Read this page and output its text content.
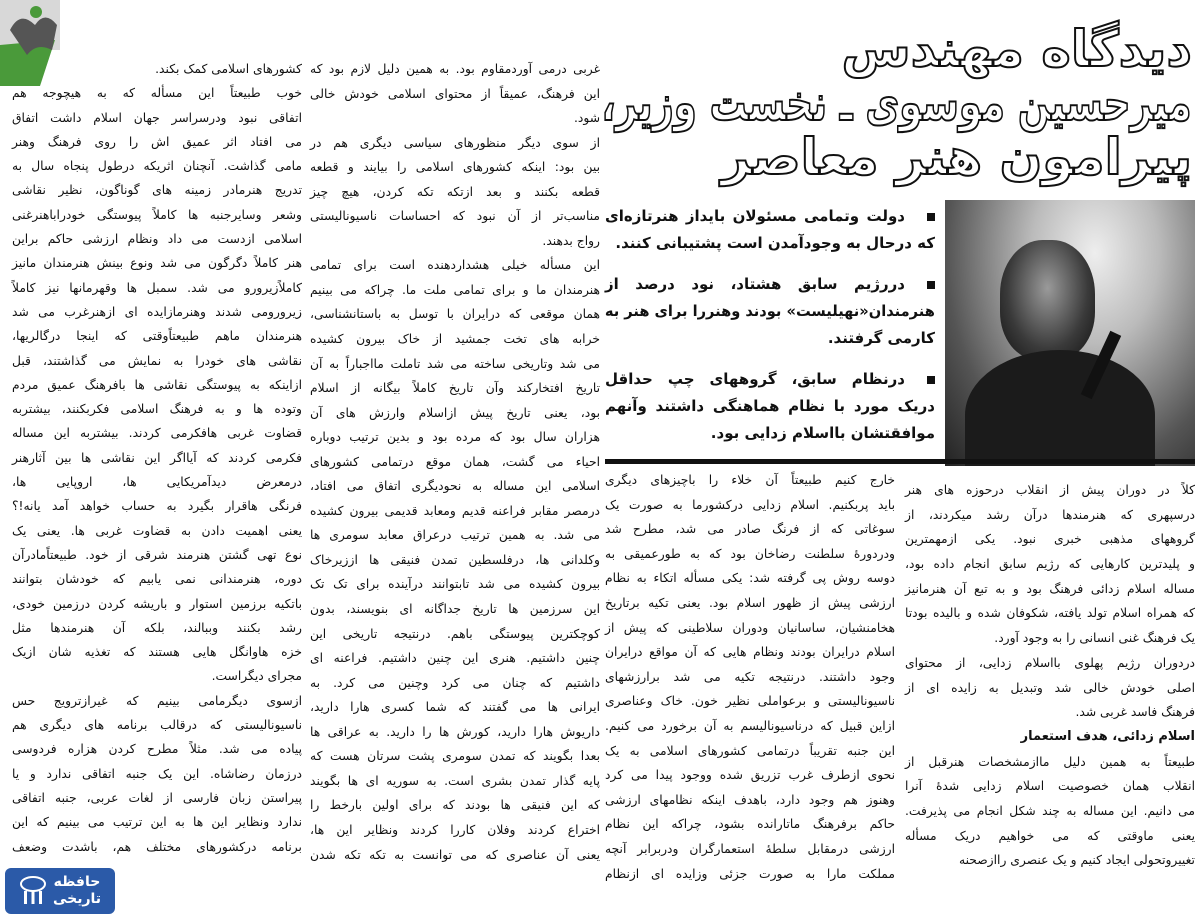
دیدگاه مهندس
میرحسین موسوی ـ نخست وزیر،
پیرامون هنر معاصر
دولت وتمامی مسئولان بایداز هنرتازه‌ای
که درحال به وجودآمدن است پشتیبانی کنند.
دررژیم سابق هشتاد، نود درصد از
هنرمندان«نهیلیست» بودند وهنررا برای هنر به
کارمی گرفتند.
درنظام سابق، گروههای چپ حداقل
دریک مورد با نظام هماهنگی داشتند وآنهم
موافقتشان بااسلام زدایی بود.
کلاً در دوران پیش از انقلاب درحوزه های هنر
درسپهری که هنرمندها درآن رشد میکردند، از
گروههای مذهبی خبری نبود. یکی ازمهمترین
و پلیدترین کارهایی که رژیم سابق انجام داده بود،
مساله اسلام زدائی فرهنگ بود و به تبع آن هنرمانیز
که همراه اسلام تولد یافته، شکوفان شده و بالیده بودتا
یک فرهنگ غنی انسانی را به وجود آورد.
دردوران رژیم پهلوی بااسلام زدایی، از محتوای
اصلی خودش خالی شد وتبدیل به زایده ای از
فرهنگ فاسد غربی شد.
اسلام زدائی، هدف استعمار
طبیعتاً به همین دلیل ماازمشخصات هنرقبل از
انقلاب همان خصوصیت اسلام زدایی شدهٔ آنرا
می دانیم. این مساله به چند شکل انجام می پذیرفت.
یعنی ماوقتی که می خواهیم دریک مسأله
تغییروتحولی ایجاد کنیم و یک عنصری راازصحنه
خارج کنیم طبیعتاً آن خلاء را باچیزهای دیگری
باید پربکنیم. اسلام زدایی درکشورما به صورت یک
سوغاتی که از فرنگ صادر می شد، مطرح شد
ودردورهٔ سلطنت رضاخان بود که به طورعمیقی به
دوسه روش پی گرفته شد: یکی مسأله اتکاء به نظام
ارزشی پیش از ظهور اسلام بود. یعنی تکیه برتاریخ
هخامنشیان، ساسانیان ودوران سلاطینی که پیش از
اسلام درایران بودند ونظام هایی که آن مواقع درایران
وجود داشتند. درنتیجه تکیه می شد برارزشهای
ناسیونالیستی و برعواملی نظیر خون. خاک وعناصری
ازاین قبیل که درناسیونالیسم به آن برخورد می کنیم.
این جنبه تقریباً درتمامی کشورهای اسلامی به یک
نحوی ازطرف غرب تزریق شده ووجود پیدا می کرد
وهنوز هم وجود دارد، باهدف اینکه نظامهای ارزشی
حاکم برفرهنگ ماتارانده بشود، چراکه این نظام
ارزشی درمقابل سلطهٔ استعمارگران ودربرابر آنچه
مملکت مارا به صورت جزئی وزایده ای ازنظام
غربی درمی آوردمقاوم بود. به همین دلیل لازم بود که
این فرهنگ، عمیقاً از محتوای اسلامی خودش خالی
شود.
از سوی دیگر منظورهای سیاسی دیگری هم در
بین بود: اینکه کشورهای اسلامی را بیایند و قطعه
قطعه بکنند و بعد ازتکه تکه کردن، هیچ چیز
مناسب‌تر از آن نبود که احساسات ناسیونالیستی
رواج بدهند.
این مسأله خیلی هشداردهنده است برای تمامی
هنرمندان ما و برای تمامی ملت ما. چراکه می بینیم
همان موقعی که درایران با توسل به باستانشناسی،
خرابه های تخت جمشید از خاک بیرون کشیده
می شد وتاریخی ساخته می شد تاملت مااجباراً به آن
تاریخ افتخارکند وآن تاریخ کاملاً بیگانه از اسلام
بود، یعنی تاریخ پیش ازاسلام وارزش های آن
هزاران سال بود که مرده بود و بدین ترتیب دوباره
احیاء می گشت، همان موقع درتمامی کشورهای
اسلامی این مساله به نحودیگری اتفاق می افتاد،
درمصر مقابر فراعنه قدیم ومعابد قدیمی بیرون کشیده
می شد. به همین ترتیب درعراق معابد سومری ها
وکلدانی ها، درفلسطین تمدن فنیقی ها اززیرخاک
بیرون کشیده می شد تابتوانند درآینده برای تک تک
این سرزمین ها تاریخ جداگانه ای بنویسند، بدون
کوچکترین پیوستگی باهم. درنتیجه تاریخی این
چنین داشتیم. هنری این چنین داشتیم. فراعنه ای
داشتیم که چنان می کرد وچنین می کرد. به
ایرانی ها می گفتند که شما کسری هارا دارید،
داریوش هارا دارید، کورش ها را دارید. به عراقی ها
بعدا بگویند که تمدن سومری پشت سرتان هست که
پایه گذار تمدن بشری است. به سوریه ای ها بگویند
که این فنیقی ها بودند که برای اولین بارخط را
اختراع کردند وفلان کاررا کردند ونظایر این ها،
یعنی آن عناصری که می توانست به تکه تکه شدن
کشورهای اسلامی کمک بکند.
خوب طبیعتاً این مسأله که به هیچوجه هم
اتفاقی نبود ودرسراسر جهان اسلام داشت اتفاق
می افتاد اثر عمیق اش را روی فرهنگ وهنر
مامی گذاشت. آنچنان اثریکه درطول پنجاه سال به
تدریج هنرمادر زمینه های گوناگون، نظیر نقاشی
وشعر وسایرجنبه ها کاملاً پیوستگی خودراباهنرغنی
اسلامی ازدست می داد ونظام ارزشی حاکم براین
هنر کاملاً دگرگون می شد ونوع بینش هنرمندان مانیز
کاملاًزیرورو می شد. سمبل ها وقهرمانها نیز کاملاً
زیرورومی شدند وهنرمازایده ای ازهنرغرب می شد
هنرمندان ماهم طبیعتاًوقتی که اینجا درگالریها،
نقاشی های خودرا به نمایش می گذاشتند، قبل
ازاینکه به پیوستگی نقاشی ها بافرهنگ عمیق مردم
وتوده ها و به فرهنگ اسلامی فکربکنند، بیشتربه
قضاوت غربی هافکرمی کردند. بیشتربه این مساله
فکرمی کردند که آیااگر این نقاشی ها بین آثارهنر
درمعرض دیدآمریکایی ها، اروپایی ها،
فرنگی هاقرار بگیرد به حساب خواهد آمد یانه!؟
یعنی اهمیت دادن به قضاوت غربی ها. یعنی یک
نوع تهی گشتن هنرمند شرقی از خود. طبیعتاًمادرآن
دوره، هنرمندانی نمی یابیم که خودشان بتوانند
باتکیه برزمین استوار و باریشه کردن درزمین خودی،
رشد بکنند وببالند، بلکه آن هنرمندها مثل
خزه هاوانگل هایی هستند که تغذیه شان ازیک
مجرای دیگراست.
ازسوی دیگرمامی بینیم که غیرازترویج حس
ناسیونالیستی که درقالب برنامه های دیگری هم
پیاده می شد. مثلاً مطرح کردن هزاره فردوسی
درزمان رضاشاه. این یک جنبه اتفاقی ندارد و یا
پیراستن زبان فارسی از لغات عربی، جنبه اتفاقی
ندارد ونظایر این ها به این ترتیب می بینیم که این
برنامه درکشورهای مختلف هم، باشدت وضعف
حافظه
تاریخی
